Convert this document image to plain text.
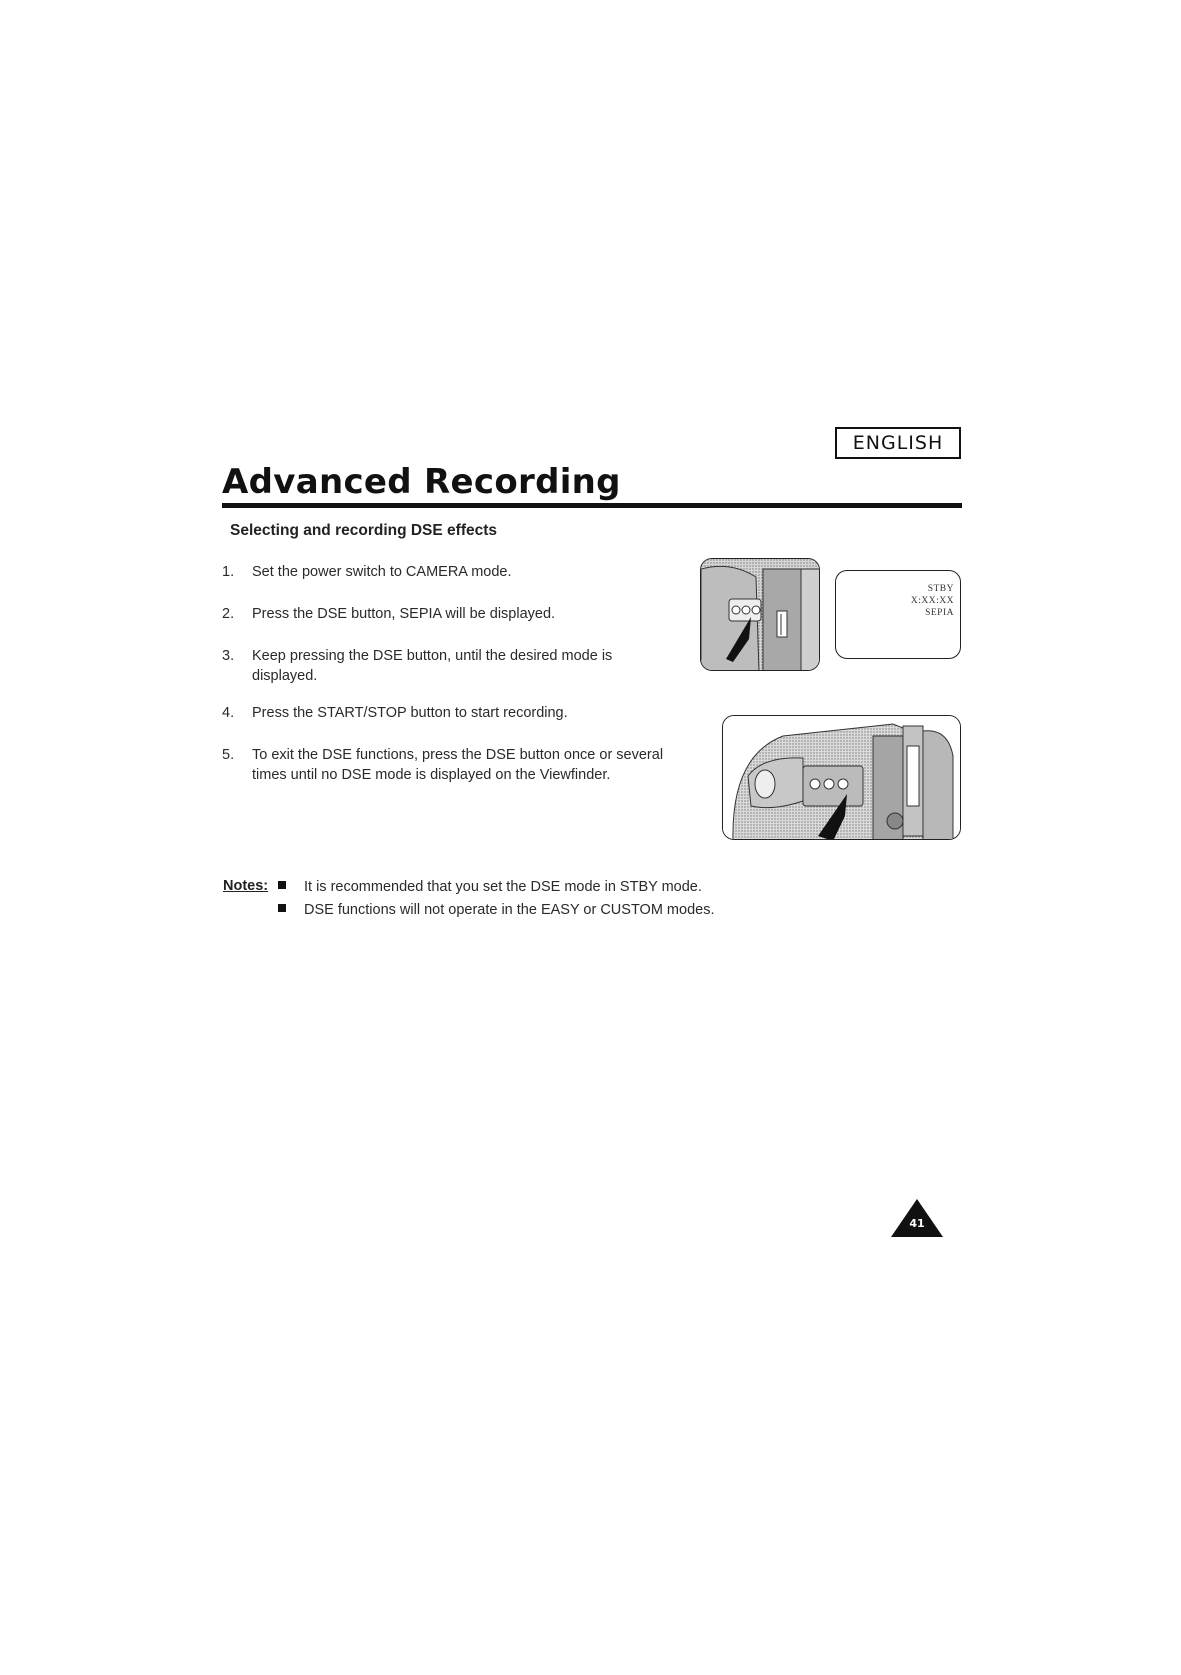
ENGLISH
Advanced Recording
Selecting and recording DSE effects
1.	Set the power switch to CAMERA mode.
2.	Press the DSE button, SEPIA will be displayed.
3.	Keep pressing the DSE button, until the desired mode is displayed.
4.	Press the START/STOP button to start recording.
5.	To exit the DSE functions, press the DSE button once or several times until no DSE mode is displayed on the Viewfinder.
STBY
X:XX:XX
SEPIA
Notes:	It is recommended that you set the DSE mode in STBY mode.
DSE functions will not operate in the EASY or CUSTOM modes.
41
